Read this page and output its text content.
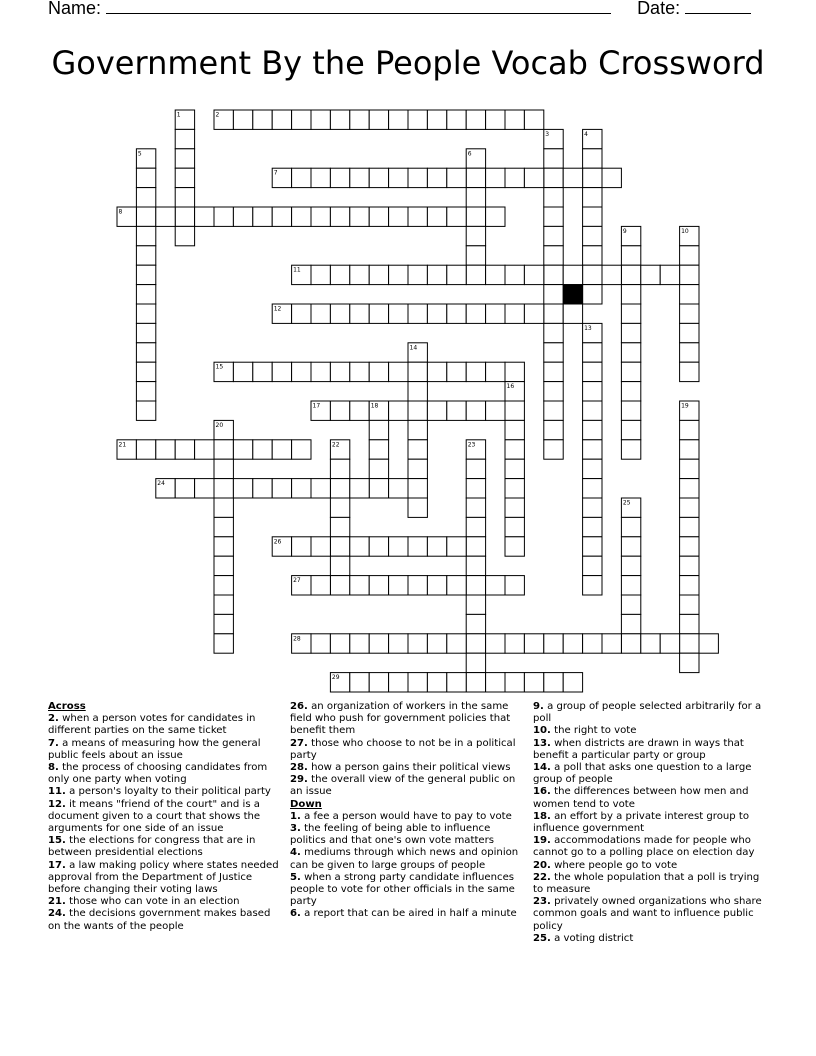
Name:	Date:
Government By the People Vocab Crossword
1	2
3	4
5	6
7
8
9	10
11
12
13
14
15
16
17	18	19
20
21	22	23
24
25
26
27
28
29
Across
2. when a person votes for candidates in different parties on the same ticket
7. a means of measuring how the general public feels about an issue
8. the process of choosing candidates from only one party when voting
11. a person's loyalty to their political party
12. it means "friend of the court" and is a document given to a court that shows the arguments for one side of an issue
15. the elections for congress that are in between presidential elections
17. a law making policy where states needed approval from the Department of Justice before changing their voting laws
21. those who can vote in an election
24. the decisions government makes based on the wants of the people
26. an organization of workers in the same field who push for government policies that benefit them
27. those who choose to not be in a political party
28. how a person gains their political views
29. the overall view of the general public on an issue
Down
1. a fee a person would have to pay to vote
3. the feeling of being able to influence politics and that one's own vote matters
4. mediums through which news and opinion can be given to large groups of people
5. when a strong party candidate influences people to vote for other officials in the same party
6. a report that can be aired in half a minute
9. a group of people selected arbitrarily for a poll
10. the right to vote
13. when districts are drawn in ways that benefit a particular party or group
14. a poll that asks one question to a large group of people
16. the differences between how men and women tend to vote
18. an effort by a private interest group to influence government
19. accommodations made for people who cannot go to a polling place on election day
20. where people go to vote
22. the whole population that a poll is trying to measure
23. privately owned organizations who share common goals and want to influence public policy
25. a voting district
